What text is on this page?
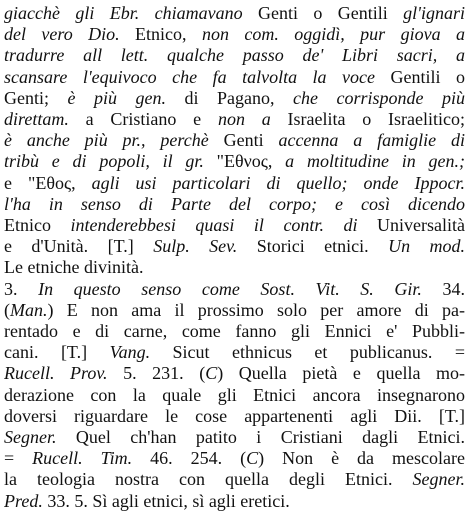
giacchè gli Ebr. chiamavano Genti o Gentili gl'ignari
del vero Dio. Etnico, non com. oggidì, pur giova a
tradurre all lett. qualche passo de' Libri sacri, a
scansare l'equivoco che fa talvolta la voce Gentili o
Genti; è più gen. di Pagano, che corrisponde più
direttam. a Cristiano e non a Israelita o Israelitico;
è anche più pr., perchè Genti accenna a famiglie di
tribù e di popoli, il gr. "Εθνος, a moltitudine in gen.;
e "Εθος, agli usi particolari di quello; onde Ippocr.
l'ha in senso di Parte del corpo; e così dicendo
Etnico intenderebbesi quasi il contr. di Universalità
e d'Unità. [T.] Sulp. Sev. Storici etnici. Un mod.
Le etniche divinità.
3. In questo senso come Sost. Vit. S. Gir. 34.
(Man.) E non ama il prossimo solo per amore di pa-
rentado e di carne, come fanno gli Ennici e' Pubbli-
cani. [T.] Vang. Sicut ethnicus et publicanus. =
Rucell. Prov. 5. 231. (C) Quella pietà e quella mo-
derazione con la quale gli Etnici ancora insegnarono
doversi riguardare le cose appartenenti agli Dii. [T.]
Segner. Quel ch'han patito i Cristiani dagli Etnici.
= Rucell. Tim. 46. 254. (C) Non è da mescolare
la teologia nostra con quella degli Etnici. Segner.
Pred. 33. 5. Sì agli etnici, sì agli eretici.
